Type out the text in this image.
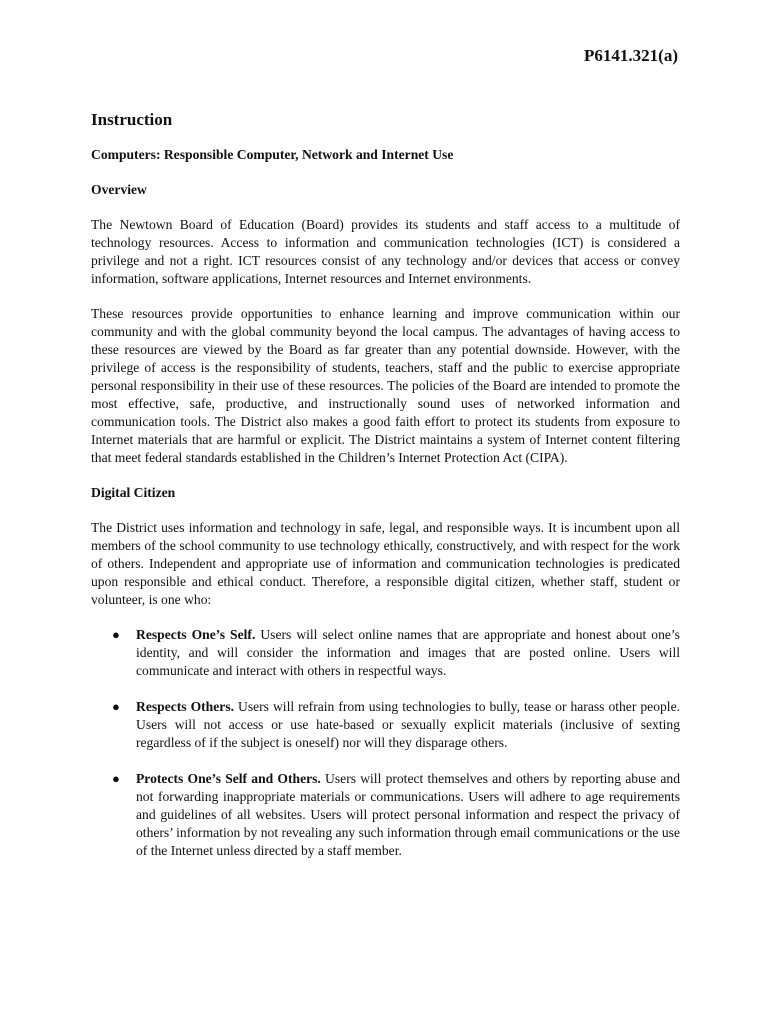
P6141.321(a)
Instruction
Computers: Responsible Computer, Network and Internet Use
Overview

The Newtown Board of Education (Board) provides its students and staff access to a multitude of technology resources. Access to information and communication technologies (ICT) is considered a privilege and not a right. ICT resources consist of any technology and/or devices that access or convey information, software applications, Internet resources and Internet environments.

These resources provide opportunities to enhance learning and improve communication within our community and with the global community beyond the local campus. The advantages of having access to these resources are viewed by the Board as far greater than any potential downside. However, with the privilege of access is the responsibility of students, teachers, staff and the public to exercise appropriate personal responsibility in their use of these resources. The policies of the Board are intended to promote the most effective, safe, productive, and instructionally sound uses of networked information and communication tools. The District also makes a good faith effort to protect its students from exposure to Internet materials that are harmful or explicit. The District maintains a system of Internet content filtering that meet federal standards established in the Children’s Internet Protection Act (CIPA).

Digital Citizen

The District uses information and technology in safe, legal, and responsible ways. It is incumbent upon all members of the school community to use technology ethically, constructively, and with respect for the work of others. Independent and appropriate use of information and communication technologies is predicated upon responsible and ethical conduct. Therefore, a responsible digital citizen, whether staff, student or volunteer, is one who:

● Respects One’s Self. Users will select online names that are appropriate and honest about one’s identity, and will consider the information and images that are posted online. Users will communicate and interact with others in respectful ways.
● Respects Others. Users will refrain from using technologies to bully, tease or harass other people. Users will not access or use hate-based or sexually explicit materials (inclusive of sexting regardless of if the subject is oneself) nor will they disparage others.
● Protects One’s Self and Others. Users will protect themselves and others by reporting abuse and not forwarding inappropriate materials or communications. Users will adhere to age requirements and guidelines of all websites. Users will protect personal information and respect the privacy of others’ information by not revealing any such information through email communications or the use of the Internet unless directed by a staff member.
